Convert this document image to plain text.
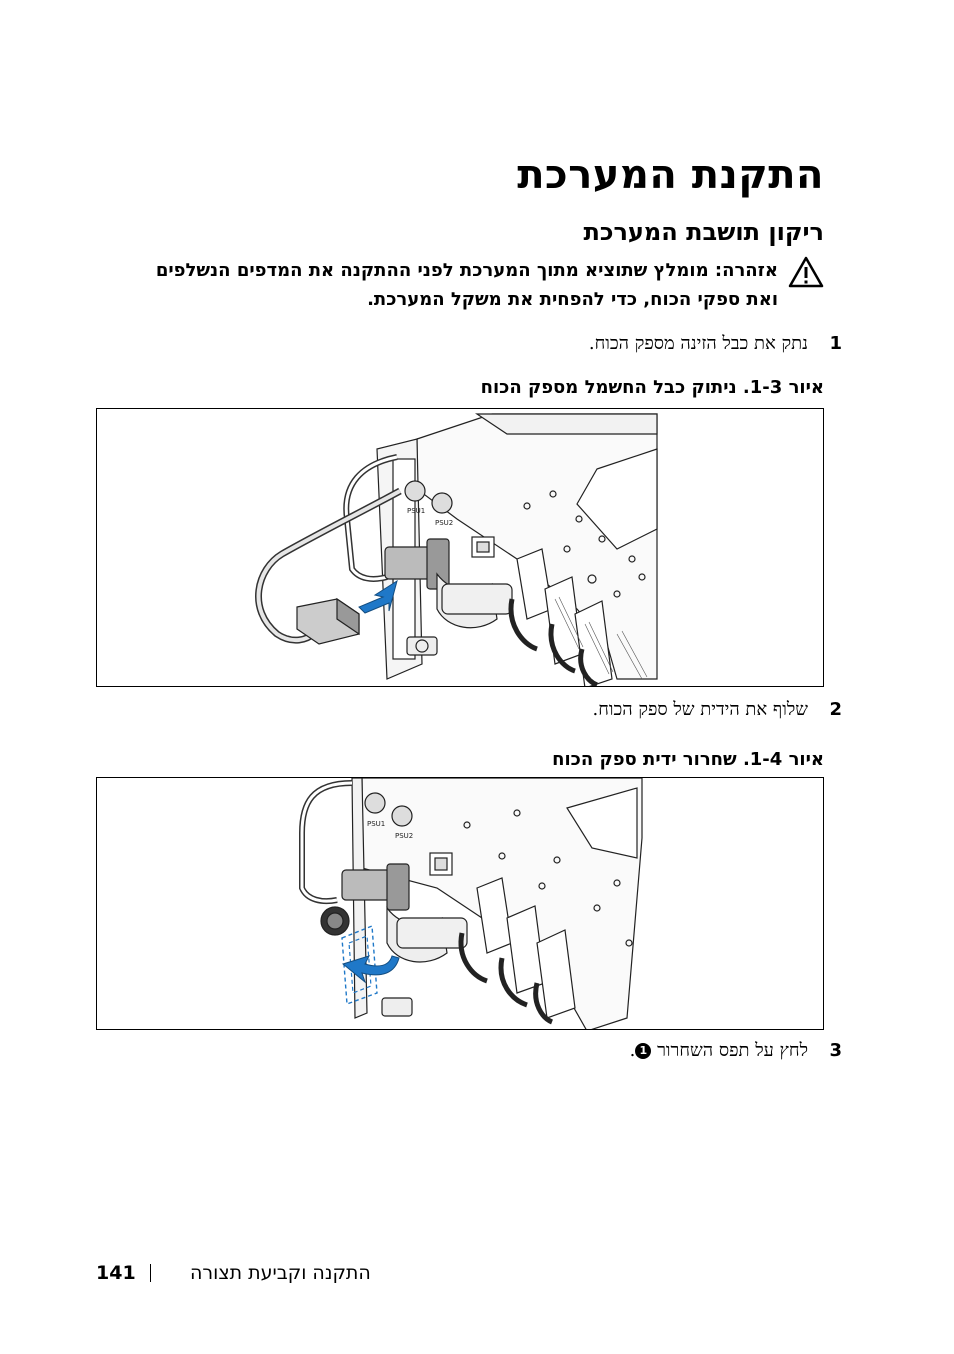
התקנת המערכת
ריקון תושבת המערכת
אזהרה: מומלץ שתוציא מתוך המערכת לפני ההתקנה את המדפים הנשלפים ואת ספקי הכוח, כדי להפחית את משקל המערכת.
1
נתק את כבל הזינה מספק הכוח.
איור 1-3. ניתוק כבל החשמל מספק הכוח
PSU1
PSU2
2
שלוף את הידית של ספק הכוח.
איור 1-4. שחרור ידית ספק הכוח
PSU1
PSU2
3
לחץ על תפס השחרור 1.
141	התקנה וקביעת תצורה
